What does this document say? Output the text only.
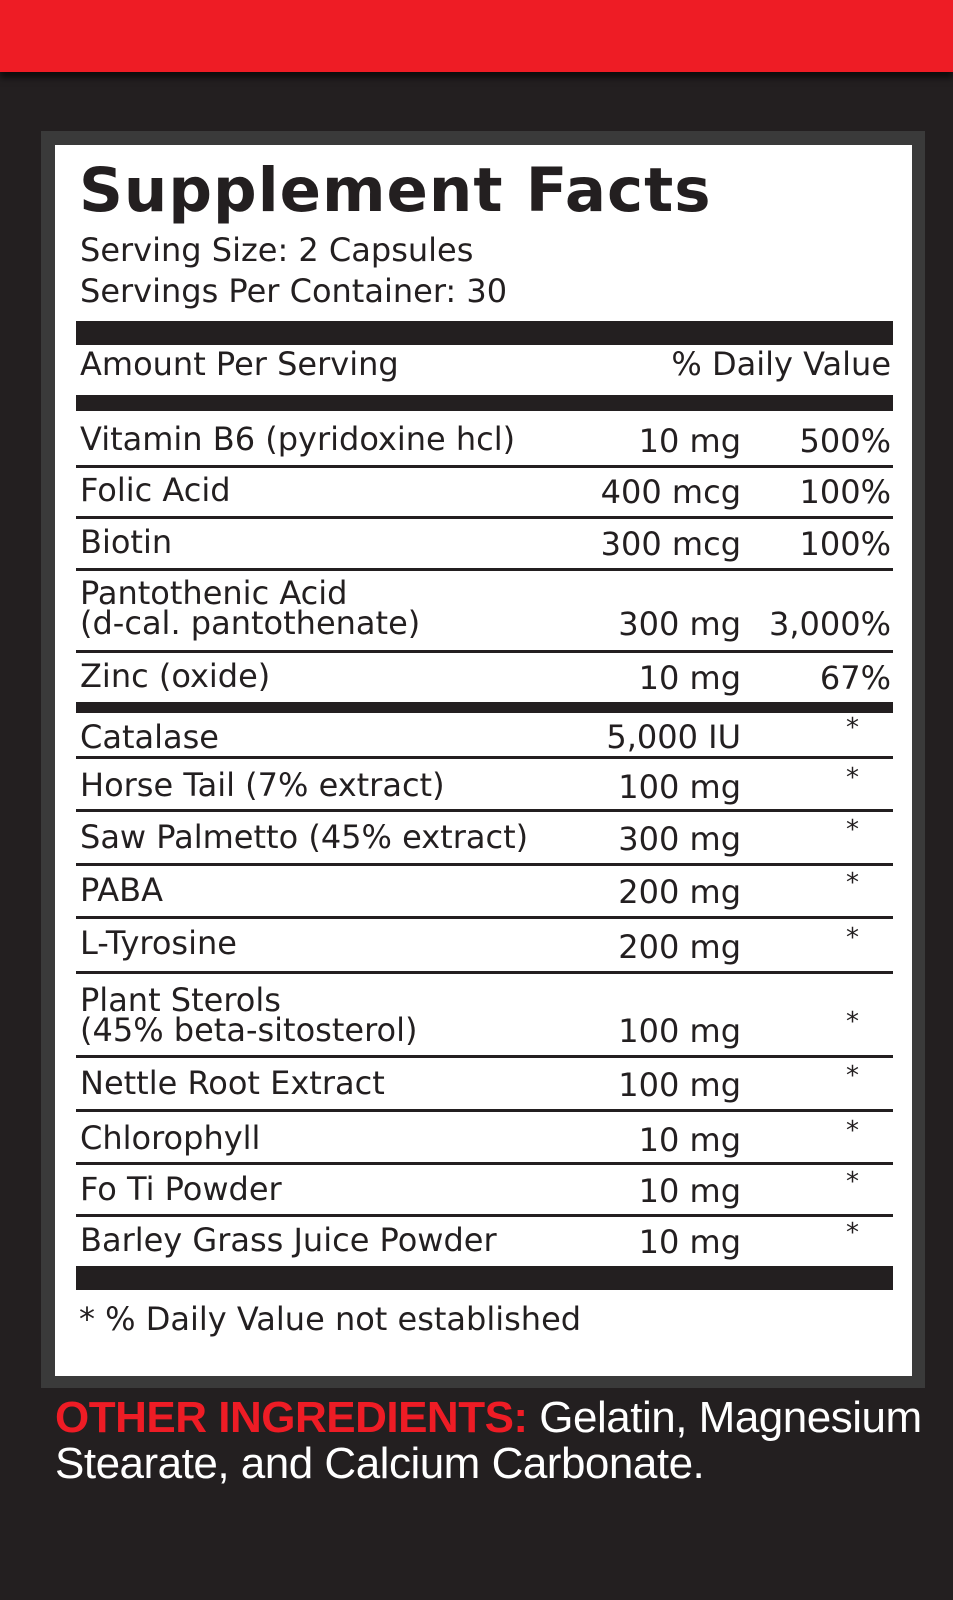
Supplement Facts
Serving Size: 2 Capsules
Servings Per Container: 30
Amount Per Serving	% Daily Value
Vitamin B6 (pyridoxine hcl)	10 mg 500%
Folic Acid	400 mcg 100%
Biotin	300 mcg 100%
Pantothenic Acid
(d-cal. pantothenate)	300 mg 3,000%
Zinc (oxide)	10 mg 67%
Catalase	5,000 IU	*
Horse Tail (7% extract)	100 mg	*
Saw Palmetto (45% extract)	300 mg	*
PABA	200 mg	*
L-Tyrosine	200 mg	*
Plant Sterols
(45% beta-sitosterol)	100 mg	*
Nettle Root Extract	100 mg	*
Chlorophyll	10 mg	*
Fo Ti Powder	10 mg	*
Barley Grass Juice Powder	10 mg	*
* % Daily Value not established
OTHER INGREDIENTS: Gelatin, Magnesium Stearate, and Calcium Carbonate.
